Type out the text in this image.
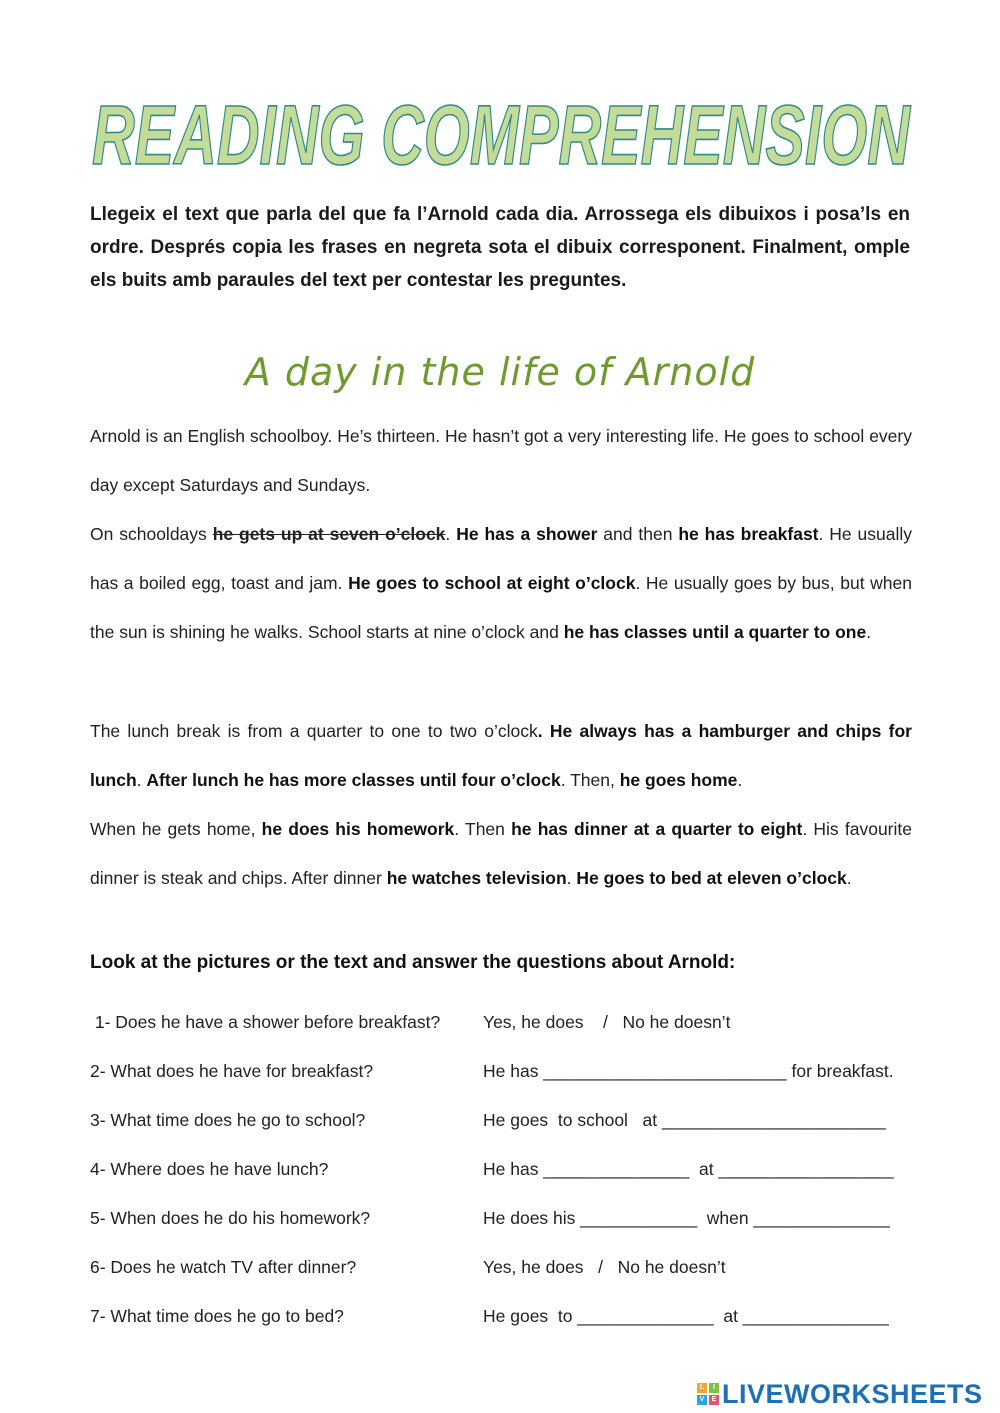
READING COMPREHENSION
Llegeix el text que parla del que fa l’Arnold cada dia. Arrossega els dibuixos i posa’ls en ordre. Després copia les frases en negreta sota el dibuix corresponent. Finalment, omple els buits amb paraules del text per contestar les preguntes.
A day in the life of Arnold
Arnold is an English schoolboy. He’s thirteen. He hasn’t got a very interesting life. He goes to school every day except Saturdays and Sundays.
On schooldays he gets up at seven o’clock. He has a shower and then he has breakfast. He usually has a boiled egg, toast and jam. He goes to school at eight o’clock. He usually goes by bus, but when the sun is shining he walks. School starts at nine o’clock and he has classes until a quarter to one.
The lunch break is from a quarter to one to two o’clock. He always has a hamburger and chips for lunch. After lunch he has more classes until four o’clock. Then, he goes home.
When he gets home, he does his homework. Then he has dinner at a quarter to eight. His favourite dinner is steak and chips. After dinner he watches television. He goes to bed at eleven o’clock.
Look at the pictures or the text and answer the questions about Arnold:
1- Does he have a shower before breakfast? Yes, he does    /   No he doesn’t
2- What does he have for breakfast?	He has _________________________ for breakfast.
3- What time does he go to school?	He goes  to school   at _______________________
4- Where does he have lunch?	He has _______________  at __________________
5- When does he do his homework?	He does his ____________  when ______________
6- Does he watch TV after dinner?	Yes, he does   /   No he doesn’t
7- What time does he go to bed?	He goes  to ______________  at _______________
L	I
V	E LIVEWORKSHEETS
